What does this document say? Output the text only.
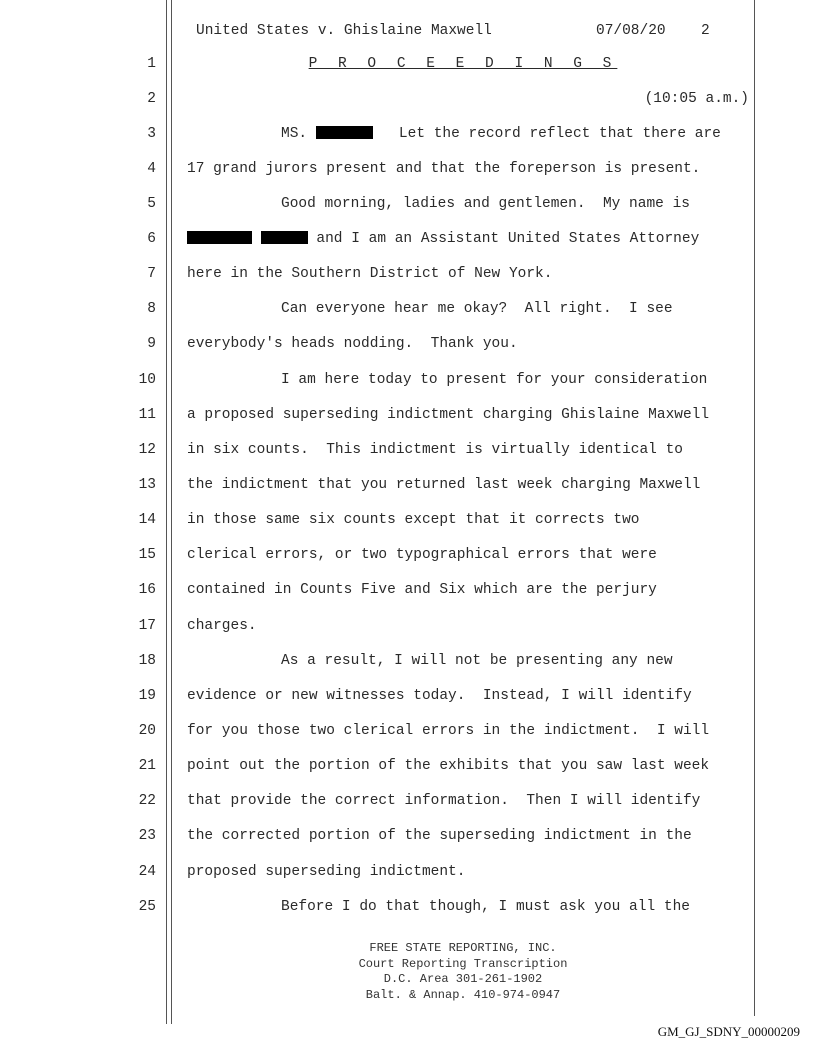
United States v. Ghislaine Maxwell

	07/08/20

2

1	P R O C E E D I N G S
2	(10:05 a.m.)
3	MS.	Let the record reflect that there are
4 17 grand jurors present and that the foreperson is present.
5	Good morning, ladies and gentlemen.  My name is
6	and I am an Assistant United States Attorney
7 here in the Southern District of New York.
8	Can everyone hear me okay?  All right.  I see
9 everybody's heads nodding.  Thank you.
10	I am here today to present for your consideration
11 a proposed superseding indictment charging Ghislaine Maxwell
12 in six counts.  This indictment is virtually identical to
13 the indictment that you returned last week charging Maxwell
14 in those same six counts except that it corrects two
15 clerical errors, or two typographical errors that were
16 contained in Counts Five and Six which are the perjury
17 charges.
18	As a result, I will not be presenting any new
19 evidence or new witnesses today.  Instead, I will identify
20 for you those two clerical errors in the indictment.  I will
21 point out the portion of the exhibits that you saw last week
22 that provide the correct information.  Then I will identify
23 the corrected portion of the superseding indictment in the
24 proposed superseding indictment.
25	Before I do that though, I must ask you all the
FREE STATE REPORTING, INC.
Court Reporting Transcription
D.C. Area 301-261-1902
Balt. & Annap. 410-974-0947
GM_GJ_SDNY_00000209
